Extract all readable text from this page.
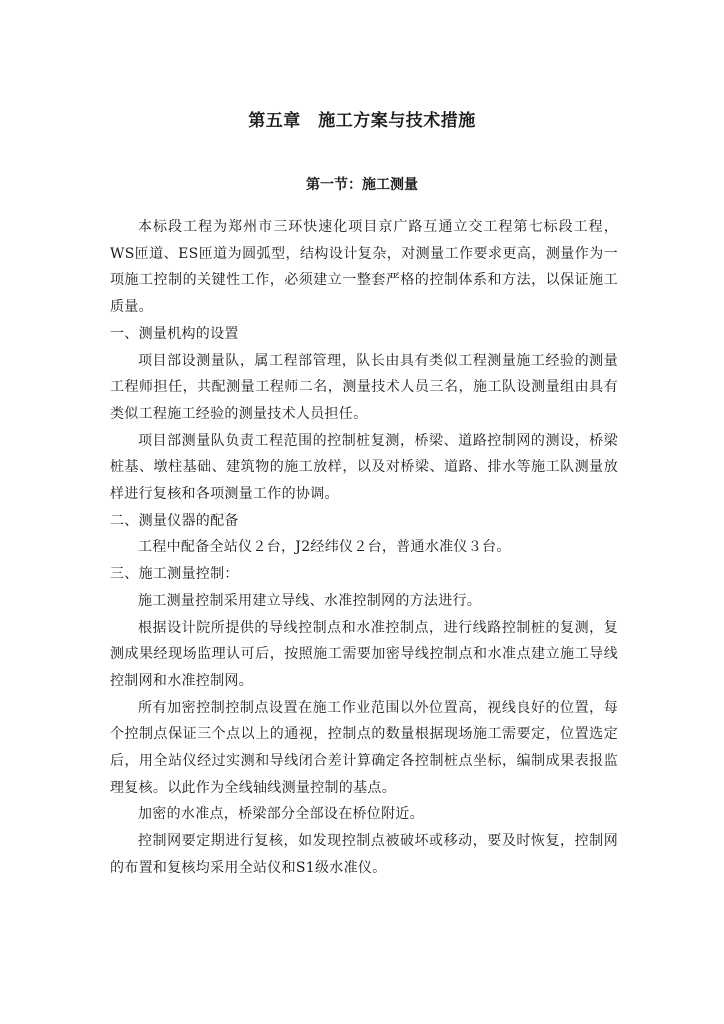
第五章　施工方案与技术措施
第一节：施工测量

本标段工程为郑州市三环快速化项目京广路互通立交工程第七标段工程，WS匝道、ES匝道为圆弧型，结构设计复杂，对测量工作要求更高，测量作为一项施工控制的关键性工作，必须建立一整套严格的控制体系和方法，以保证施工质量。

一、测量机构的设置

项目部设测量队，属工程部管理，队长由具有类似工程测量施工经验的测量工程师担任，共配测量工程师二名，测量技术人员三名，施工队设测量组由具有类似工程施工经验的测量技术人员担任。

项目部测量队负责工程范围的控制桩复测，桥梁、道路控制网的测设，桥梁桩基、墩柱基础、建筑物的施工放样，以及对桥梁、道路、排水等施工队测量放样进行复核和各项测量工作的协调。

二、测量仪器的配备

工程中配备全站仪２台，J2经纬仪２台，普通水准仪３台。

三、施工测量控制：

施工测量控制采用建立导线、水准控制网的方法进行。

根据设计院所提供的导线控制点和水准控制点，进行线路控制桩的复测，复测成果经现场监理认可后，按照施工需要加密导线控制点和水准点建立施工导线控制网和水准控制网。

所有加密控制控制点设置在施工作业范围以外位置高，视线良好的位置，每个控制点保证三个点以上的通视，控制点的数量根据现场施工需要定，位置选定后，用全站仪经过实测和导线闭合差计算确定各控制桩点坐标，编制成果表报监理复核。以此作为全线轴线测量控制的基点。

加密的水准点，桥梁部分全部设在桥位附近。

控制网要定期进行复核，如发现控制点被破坏或移动，要及时恢复，控制网的布置和复核均采用全站仪和S1级水准仪。
